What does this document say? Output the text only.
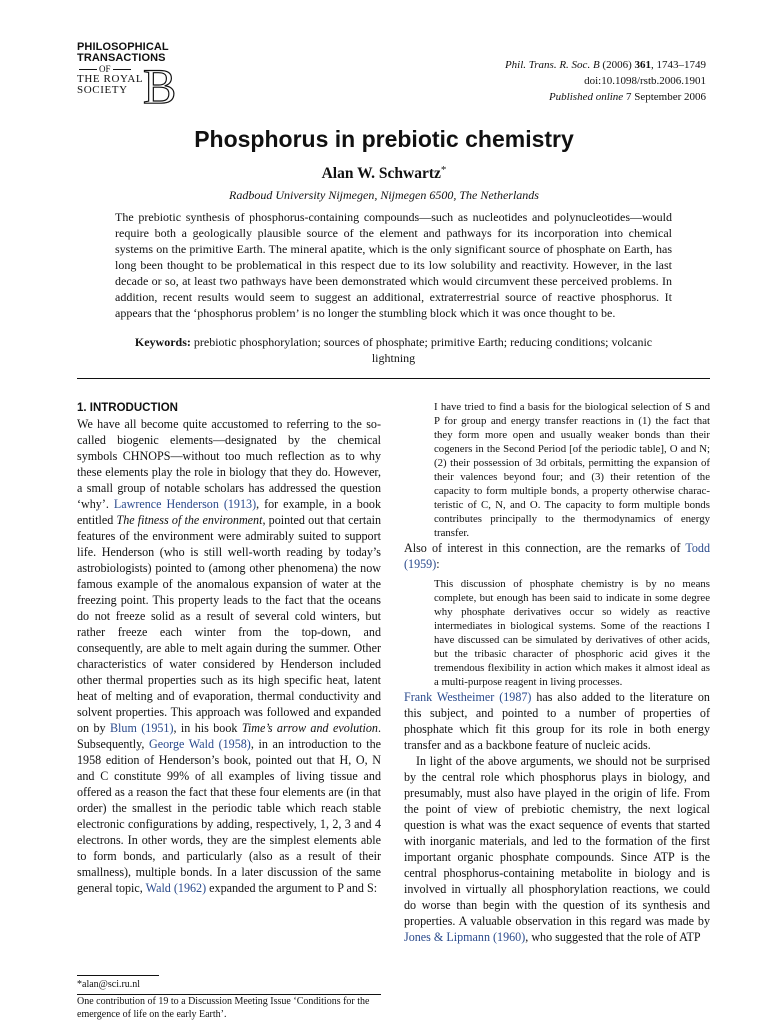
PHILOSOPHICAL
TRANSACTIONS
OF
THE ROYAL
SOCIETY B	Phil. Trans. R. Soc. B (2006) 361, 1743–1749
doi:10.1098/rstb.2006.1901
Published online 7 September 2006
Phosphorus in prebiotic chemistry
Alan W. Schwartz*
Radboud University Nijmegen, Nijmegen 6500, The Netherlands
The prebiotic synthesis of phosphorus-containing compounds—such as nucleotides and polynucleotides—would require both a geologically plausible source of the element and pathways for its incorporation into chemical systems on the primitive Earth. The mineral apatite, which is the only significant source of phosphate on Earth, has long been thought to be problematical in this respect due to its low solubility and reactivity. However, in the last decade or so, at least two pathways have been demonstrated which would circumvent these perceived problems. In addition, recent results would seem to suggest an additional, extraterrestrial source of reactive phosphorus. It appears that the ‘phosphorus problem’ is no longer the stumbling block which it was once thought to be.
Keywords: prebiotic phosphorylation; sources of phosphate; primitive Earth; reducing conditions; volcanic lightning
1. INTRODUCTION

We have all become quite accustomed to referring to the so-called biogenic elements—designated by the chemical symbols CHNOPS—without too much reflection as to why these elements play the role in biology that they do. However, a small group of notable scholars has addressed the question ‘why’. Lawrence Henderson (1913), for example, in a book entitled The fitness of the environment, pointed out that certain features of the environment were admirably suited to support life. Henderson (who is still well-worth reading by today’s astrobiologists) pointed to (among other phenomena) the now famous example of the anomalous expansion of water at the freezing point. This property leads to the fact that the oceans do not freeze solid as a result of several cold winters, but rather freeze each winter from the top-down, and consequently, are able to melt again during the summer. Other characteristics of water considered by Henderson included other thermal properties such as its high specific heat, latent heat of melting and of evaporation, thermal conductivity and solvent properties. This approach was followed and expanded on by Blum (1951), in his book Time’s arrow and evolution. Subsequently, George Wald (1958), in an introduction to the 1958 edition of Henderson’s book, pointed out that H, O, N and C constitute 99% of all examples of living tissue and offered as a reason the fact that these four elements are (in that order) the smallest in the periodic table which reach stable electronic configurations by adding, respectively, 1, 2, 3 and 4 electrons. In other words, they are the simplest elements able to form bonds, and particularly (also as a result of their smallness), multiple bonds. In a later discussion of the same general topic, Wald (1962) expanded the argument to P and S:

I have tried to find a basis for the biological selection of S and P for group and energy transfer reactions in (1) the fact that they form more open and usually weaker bonds than their cogeners in the Second Period [of the periodic table], O and N; (2) their possession of 3d orbitals, permitting the expansion of their valences beyond four; and (3) their retention of the capacity to form multiple bonds, a property otherwise characteristic of C, N, and O. The capacity to form multiple bonds contributes principally to the thermodynamics of energy transfer.

Also of interest in this connection, are the remarks of Todd (1959):

This discussion of phosphate chemistry is by no means complete, but enough has been said to indicate in some degree why phosphate derivatives occur so widely as reactive intermediates in biological systems. Some of the reactions I have discussed can be simulated by derivatives of other acids, but the tribasic character of phosphoric acid gives it the tremendous flexibility in action which makes it almost ideal as a multi-purpose reagent in living processes.

Frank Westheimer (1987) has also added to the literature on this subject, and pointed to a number of properties of phosphate which fit this group for its role in both energy transfer and as a backbone feature of nucleic acids.

In light of the above arguments, we should not be surprised by the central role which phosphorus plays in biology, and presumably, must also have played in the origin of life. From the point of view of prebiotic chemistry, the next logical question is what was the exact sequence of events that started with inorganic materials, and led to the formation of the first important organic phosphate compounds. Since ATP is the central phosphorus-containing metabolite in biology and is involved in virtually all phosphorylation reactions, we could do worse than begin with the question of its synthesis and properties. A valuable observation in this regard was made by Jones & Lipmann (1960), who suggested that the role of ATP

*alan@sci.ru.nl
One contribution of 19 to a Discussion Meeting Issue ‘Conditions for the emergence of life on the early Earth’.
